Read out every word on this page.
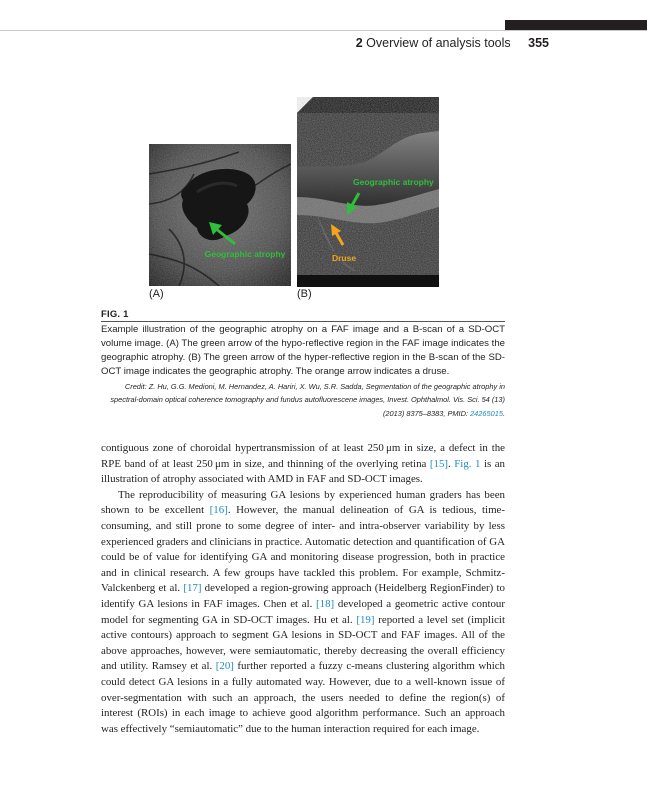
2 Overview of analysis tools 355
Geographic atrophy
(A)
Geographic atrophy
Druse
(B)
FIG. 1
Example illustration of the geographic atrophy on a FAF image and a B-scan of a SD-OCT volume image. (A) The green arrow of the hypo-reflective region in the FAF image indicates the geographic atrophy. (B) The green arrow of the hyper-reflective region in the B-scan of the SD-OCT image indicates the geographic atrophy. The orange arrow indicates a druse.
Credit: Z. Hu, G.G. Medioni, M. Hernandez, A. Hariri, X. Wu, S.R. Sadda, Segmentation of the geographic atrophy in spectral-domain optical coherence tomography and fundus autofluorescene images, Invest. Ophthalmol. Vis. Sci. 54 (13) (2013) 8375–8383, PMID: 24265015.

contiguous zone of choroidal hypertransmission of at least 250 μm in size, a defect in the RPE band of at least 250 μm in size, and thinning of the overlying retina [15]. Fig. 1 is an illustration of atrophy associated with AMD in FAF and SD-OCT images.

The reproducibility of measuring GA lesions by experienced human graders has been shown to be excellent [16]. However, the manual delineation of GA is tedious, time-consuming, and still prone to some degree of inter- and intra-observer variability by less experienced graders and clinicians in practice. Automatic detection and quantification of GA could be of value for identifying GA and monitoring disease progression, both in practice and in clinical research. A few groups have tackled this problem. For example, Schmitz-Valckenberg et al. [17] developed a region-growing approach (Heidelberg RegionFinder) to identify GA lesions in FAF images. Chen et al. [18] developed a geometric active contour model for segmenting GA in SD-OCT images. Hu et al. [19] reported a level set (implicit active contours) approach to segment GA lesions in SD-OCT and FAF images. All of the above approaches, however, were semiautomatic, thereby decreasing the overall efficiency and utility. Ramsey et al. [20] further reported a fuzzy c-means clustering algorithm which could detect GA lesions in a fully automated way. However, due to a well-known issue of over-segmentation with such an approach, the users needed to define the region(s) of interest (ROIs) in each image to achieve good algorithm performance. Such an approach was effectively “semiautomatic” due to the human interaction required for each image.
